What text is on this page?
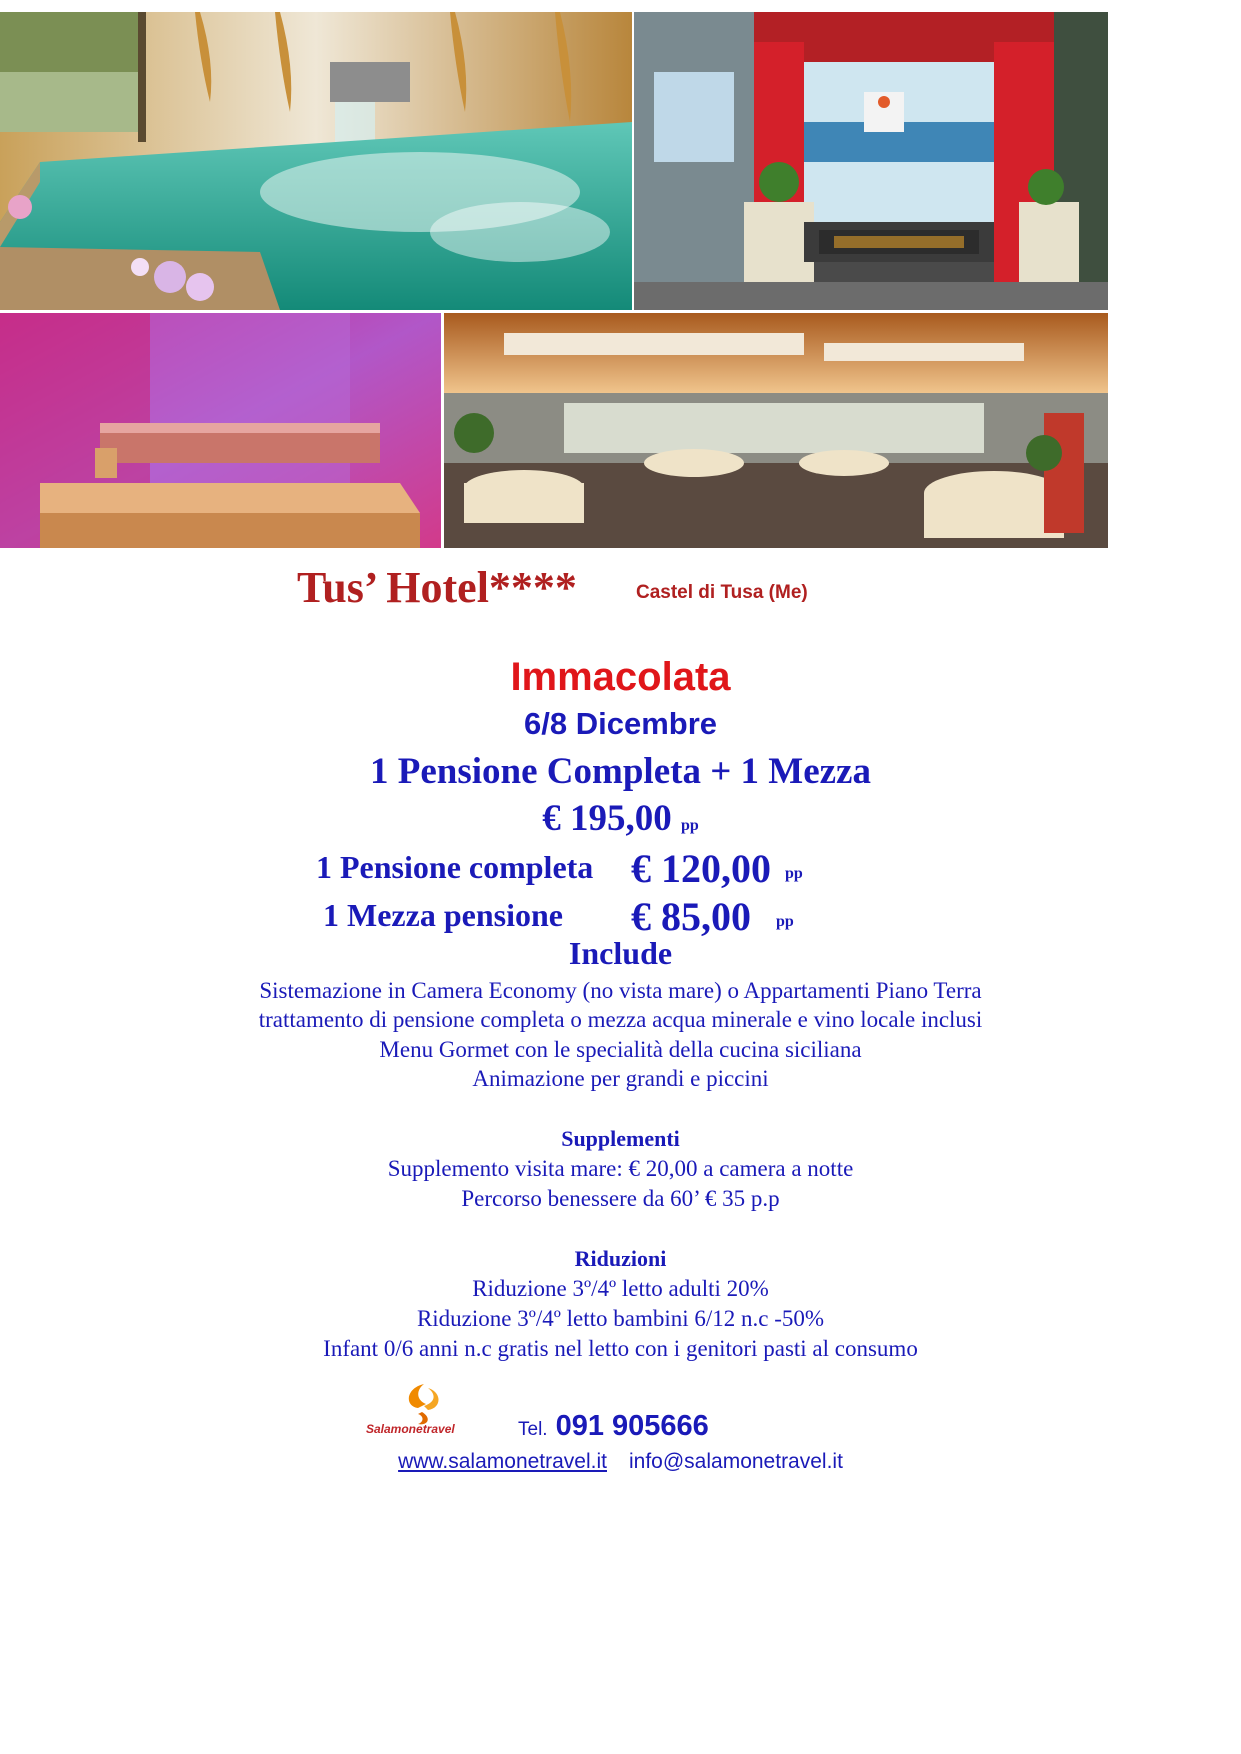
Tus’ Hotel****	Castel di Tusa (Me)
Immacolata
6/8 Dicembre
1 Pensione Completa + 1 Mezza
€ 195,00 pp
1 Pensione completa € 120,00 pp
1 Mezza pensione € 85,00 pp
Include
Sistemazione in Camera Economy (no vista mare) o Appartamenti Piano Terra
trattamento di pensione completa o mezza acqua minerale e vino locale inclusi
Menu Gormet con le specialità della cucina siciliana
Animazione per grandi e piccini
Supplementi
Supplemento visita mare: € 20,00 a camera a notte
Percorso benessere da 60’ € 35 p.p
Riduzioni
Riduzione 3º/4º letto adulti 20%
Riduzione 3º/4º letto bambini 6/12 n.c -50%
Infant 0/6 anni n.c gratis nel letto con i genitori pasti al consumo
Salamonetravel	Tel. 091 905666
www.salamonetravel.it info@salamonetravel.it
